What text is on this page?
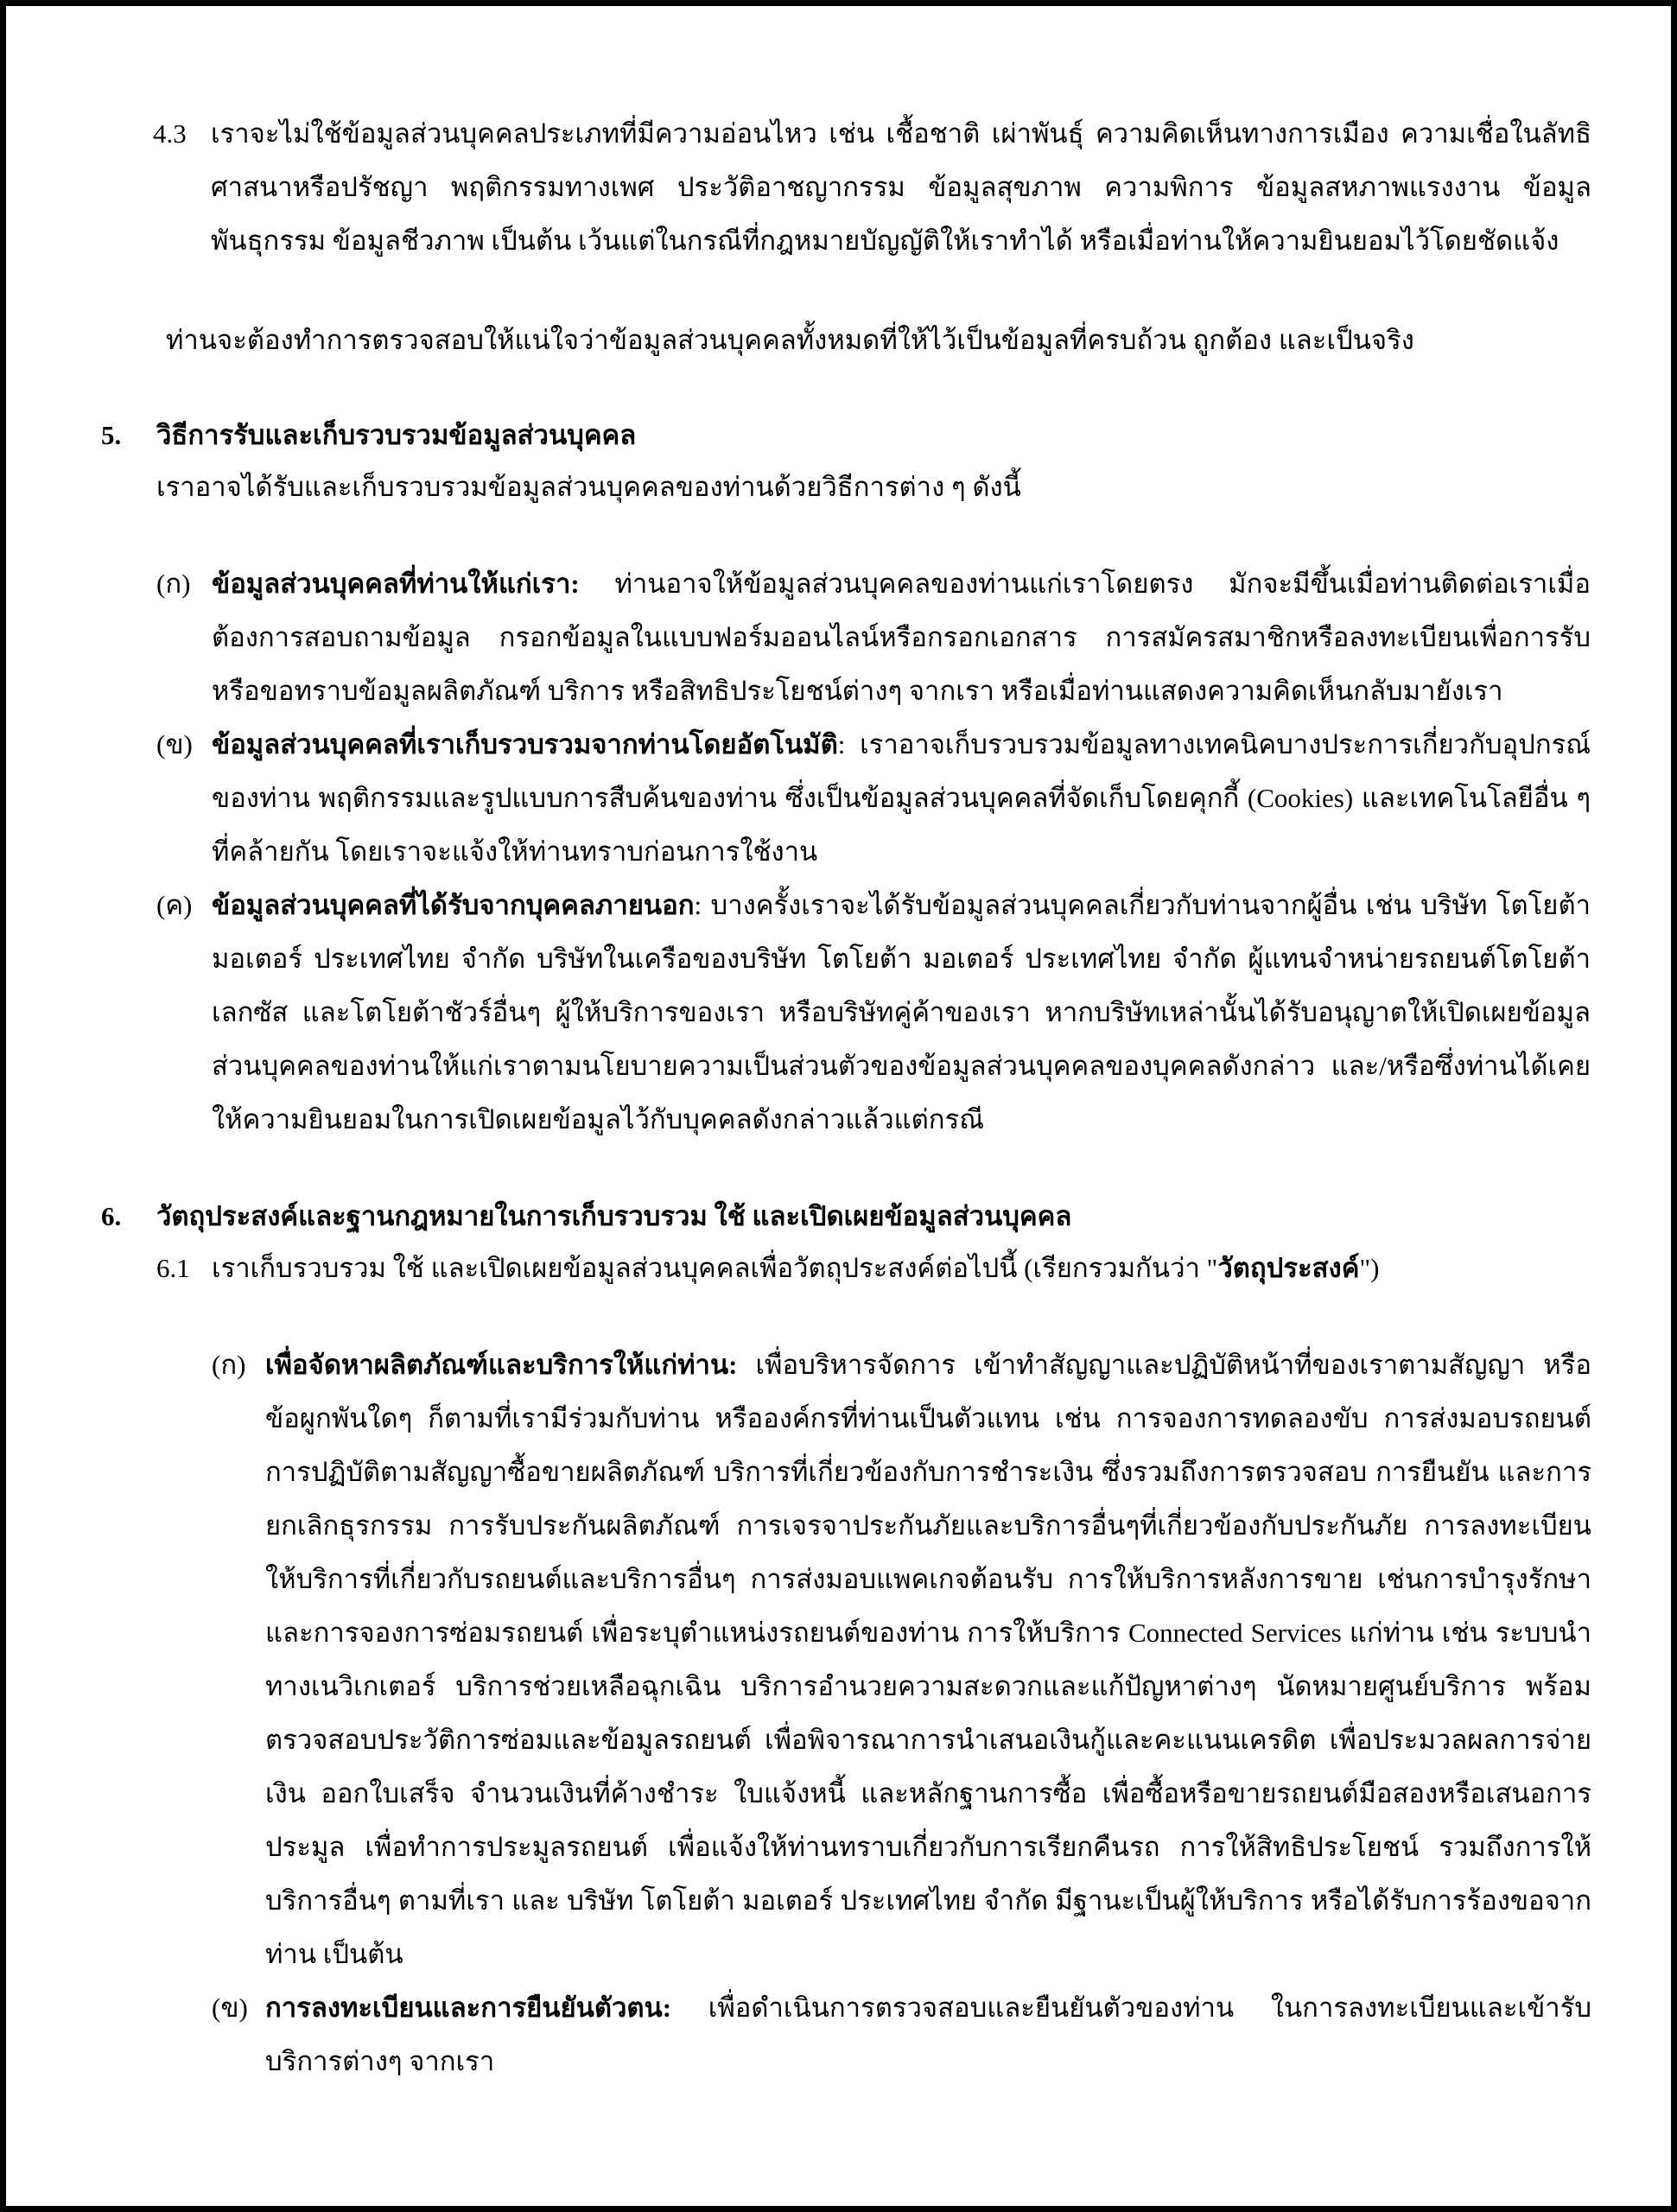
4.3 เราจะไม่ใช้ข้อมูลส่วนบุคคลประเภทที่มีความอ่อนไหว เช่น เชื้อชาติ เผ่าพันธุ์ ความคิดเห็นทางการเมือง ความเชื่อในลัทธิ ศาสนาหรือปรัชญา พฤติกรรมทางเพศ ประวัติอาชญากรรม ข้อมูลสุขภาพ ความพิการ ข้อมูลสหภาพแรงงาน ข้อมูลพันธุกรรม ข้อมูลชีวภาพ เป็นต้น เว้นแต่ในกรณีที่กฎหมายบัญญัติให้เราทำได้ หรือเมื่อท่านให้ความยินยอมไว้โดยชัดแจ้ง
ท่านจะต้องทำการตรวจสอบให้แน่ใจว่าข้อมูลส่วนบุคคลทั้งหมดที่ให้ไว้เป็นข้อมูลที่ครบถ้วน ถูกต้อง และเป็นจริง
5. วิธีการรับและเก็บรวบรวมข้อมูลส่วนบุคคล
เราอาจได้รับและเก็บรวบรวมข้อมูลส่วนบุคคลของท่านด้วยวิธีการต่าง ๆ ดังนี้
(ก) ข้อมูลส่วนบุคคลที่ท่านให้แก่เรา: ท่านอาจให้ข้อมูลส่วนบุคคลของท่านแก่เราโดยตรง มักจะมีขึ้นเมื่อท่านติดต่อเราเมื่อต้องการสอบถามข้อมูล กรอกข้อมูลในแบบฟอร์มออนไลน์หรือกรอกเอกสาร การสมัครสมาชิกหรือลงทะเบียนเพื่อการรับหรือขอทราบข้อมูลผลิตภัณฑ์ บริการ หรือสิทธิประโยชน์ต่างๆ จากเรา หรือเมื่อท่านแสดงความคิดเห็นกลับมายังเรา
(ข) ข้อมูลส่วนบุคคลที่เราเก็บรวบรวมจากท่านโดยอัตโนมัติ: เราอาจเก็บรวบรวมข้อมูลทางเทคนิคบางประการเกี่ยวกับอุปกรณ์ของท่าน พฤติกรรมและรูปแบบการสืบค้นของท่าน ซึ่งเป็นข้อมูลส่วนบุคคลที่จัดเก็บโดยคุกกี้ (Cookies) และเทคโนโลยีอื่น ๆ ที่คล้ายกัน โดยเราจะแจ้งให้ท่านทราบก่อนการใช้งาน
(ค) ข้อมูลส่วนบุคคลที่ได้รับจากบุคคลภายนอก: บางครั้งเราจะได้รับข้อมูลส่วนบุคคลเกี่ยวกับท่านจากผู้อื่น เช่น บริษัท โตโยต้า มอเตอร์ ประเทศไทย จำกัด บริษัทในเครือของบริษัท โตโยต้า มอเตอร์ ประเทศไทย จำกัด ผู้แทนจำหน่ายรถยนต์โตโยต้า เลกซัส และโตโยต้าชัวร์อื่นๆ ผู้ให้บริการของเรา หรือบริษัทคู่ค้าของเรา หากบริษัทเหล่านั้นได้รับอนุญาตให้เปิดเผยข้อมูลส่วนบุคคลของท่านให้แก่เราตามนโยบายความเป็นส่วนตัวของข้อมูลส่วนบุคคลของบุคคลดังกล่าว และ/หรือซึ่งท่านได้เคยให้ความยินยอมในการเปิดเผยข้อมูลไว้กับบุคคลดังกล่าวแล้วแต่กรณี
6. วัตถุประสงค์และฐานกฎหมายในการเก็บรวบรวม ใช้ และเปิดเผยข้อมูลส่วนบุคคล
6.1 เราเก็บรวบรวม ใช้ และเปิดเผยข้อมูลส่วนบุคคลเพื่อวัตถุประสงค์ต่อไปนี้ (เรียกรวมกันว่า "วัตถุประสงค์")
(ก) เพื่อจัดหาผลิตภัณฑ์และบริการให้แก่ท่าน: เพื่อบริหารจัดการ เข้าทำสัญญาและปฏิบัติหน้าที่ของเราตามสัญญา หรือข้อผูกพันใดๆ ก็ตามที่เรามีร่วมกับท่าน หรือองค์กรที่ท่านเป็นตัวแทน เช่น การจองการทดลองขับ การส่งมอบรถยนต์ การปฏิบัติตามสัญญาซื้อขายผลิตภัณฑ์ บริการที่เกี่ยวข้องกับการชำระเงิน ซึ่งรวมถึงการตรวจสอบ การยืนยัน และการยกเลิกธุรกรรม การรับประกันผลิตภัณฑ์ การเจรจาประกันภัยและบริการอื่นๆที่เกี่ยวข้องกับประกันภัย การลงทะเบียนให้บริการที่เกี่ยวกับรถยนต์และบริการอื่นๆ การส่งมอบแพคเกจต้อนรับ การให้บริการหลังการขาย เช่นการบำรุงรักษาและการจองการซ่อมรถยนต์ เพื่อระบุตำแหน่งรถยนต์ของท่าน การให้บริการ Connected Services แก่ท่าน เช่น ระบบนำทางเนวิเกเตอร์ บริการช่วยเหลือฉุกเฉิน บริการอำนวยความสะดวกและแก้ปัญหาต่างๆ นัดหมายศูนย์บริการ พร้อมตรวจสอบประวัติการซ่อมและข้อมูลรถยนต์ เพื่อพิจารณาการนำเสนอเงินกู้และคะแนนเครดิต เพื่อประมวลผลการจ่ายเงิน ออกใบเสร็จ จำนวนเงินที่ค้างชำระ ใบแจ้งหนี้ และหลักฐานการซื้อ เพื่อซื้อหรือขายรถยนต์มือสองหรือเสนอการประมูล เพื่อทำการประมูลรถยนต์ เพื่อแจ้งให้ท่านทราบเกี่ยวกับการเรียกคืนรถ การให้สิทธิประโยชน์ รวมถึงการให้บริการอื่นๆ ตามที่เรา และ บริษัท โตโยต้า มอเตอร์ ประเทศไทย จำกัด มีฐานะเป็นผู้ให้บริการ หรือได้รับการร้องขอจากท่าน เป็นต้น
(ข) การลงทะเบียนและการยืนยันตัวตน: เพื่อดำเนินการตรวจสอบและยืนยันตัวของท่าน ในการลงทะเบียนและเข้ารับบริการต่างๆ จากเรา
